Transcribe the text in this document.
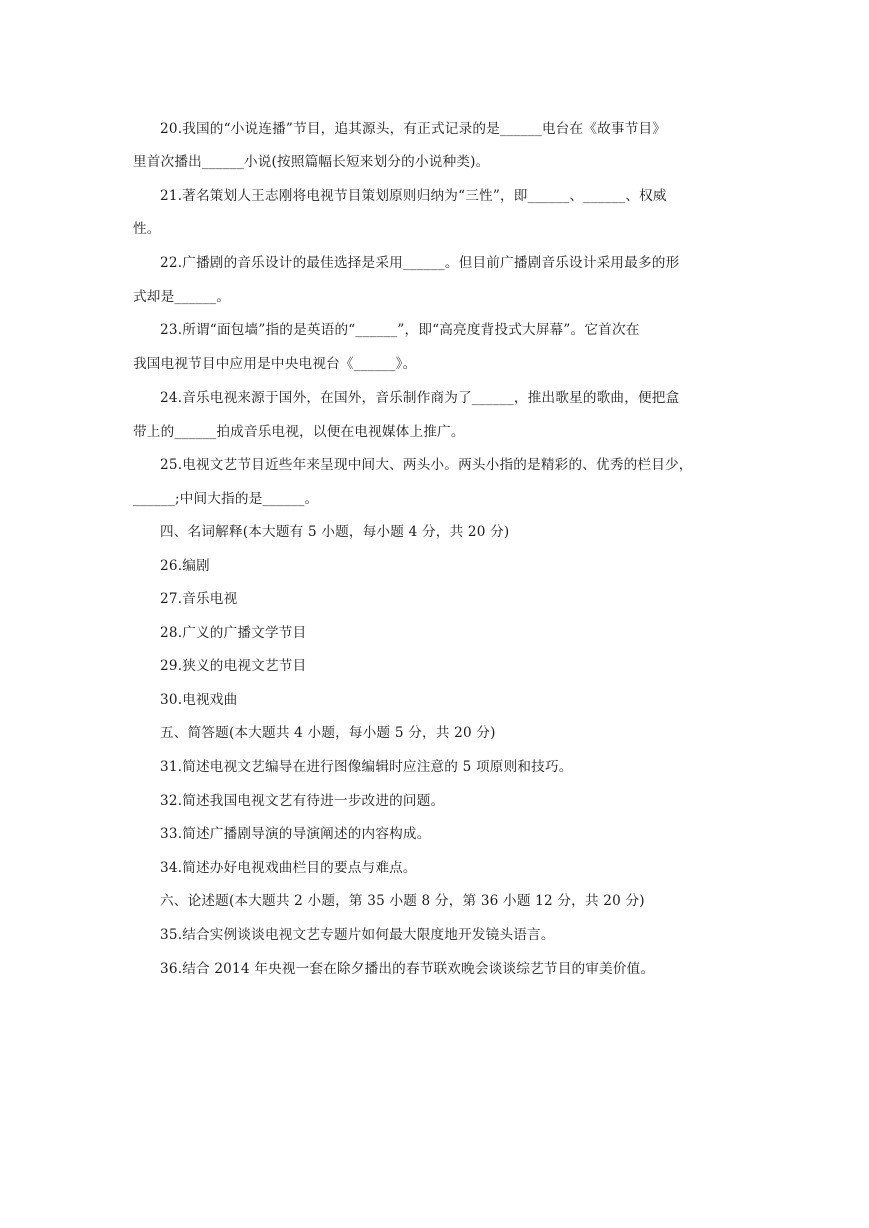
20.我国的“小说连播”节目，追其源头，有正式记录的是______电台在《故事节目》
里首次播出______小说(按照篇幅长短来划分的小说种类)。
21.著名策划人王志刚将电视节目策划原则归纳为“三性”，即______、______、权威
性。
22.广播剧的音乐设计的最佳选择是采用______。但目前广播剧音乐设计采用最多的形
式却是______。
23.所谓“面包墙”指的是英语的“______”，即“高亮度背投式大屏幕”。它首次在
我国电视节目中应用是中央电视台《______》。
24.音乐电视来源于国外，在国外，音乐制作商为了______，推出歌星的歌曲，便把盒
带上的______拍成音乐电视，以便在电视媒体上推广。
25.电视文艺节目近些年来呈现中间大、两头小。两头小指的是精彩的、优秀的栏目少，
______;中间大指的是______。
四、名词解释(本大题有 5 小题，每小题 4 分，共 20 分)
26.编剧
27.音乐电视
28.广义的广播文学节目
29.狭义的电视文艺节目
30.电视戏曲
五、简答题(本大题共 4 小题，每小题 5 分，共 20 分)
31.简述电视文艺编导在进行图像编辑时应注意的 5 项原则和技巧。
32.简述我国电视文艺有待进一步改进的问题。
33.简述广播剧导演的导演阐述的内容构成。
34.简述办好电视戏曲栏目的要点与难点。
六、论述题(本大题共 2 小题，第 35 小题 8 分，第 36 小题 12 分，共 20 分)
35.结合实例谈谈电视文艺专题片如何最大限度地开发镜头语言。
36.结合 2014 年央视一套在除夕播出的春节联欢晚会谈谈综艺节目的审美价值。
